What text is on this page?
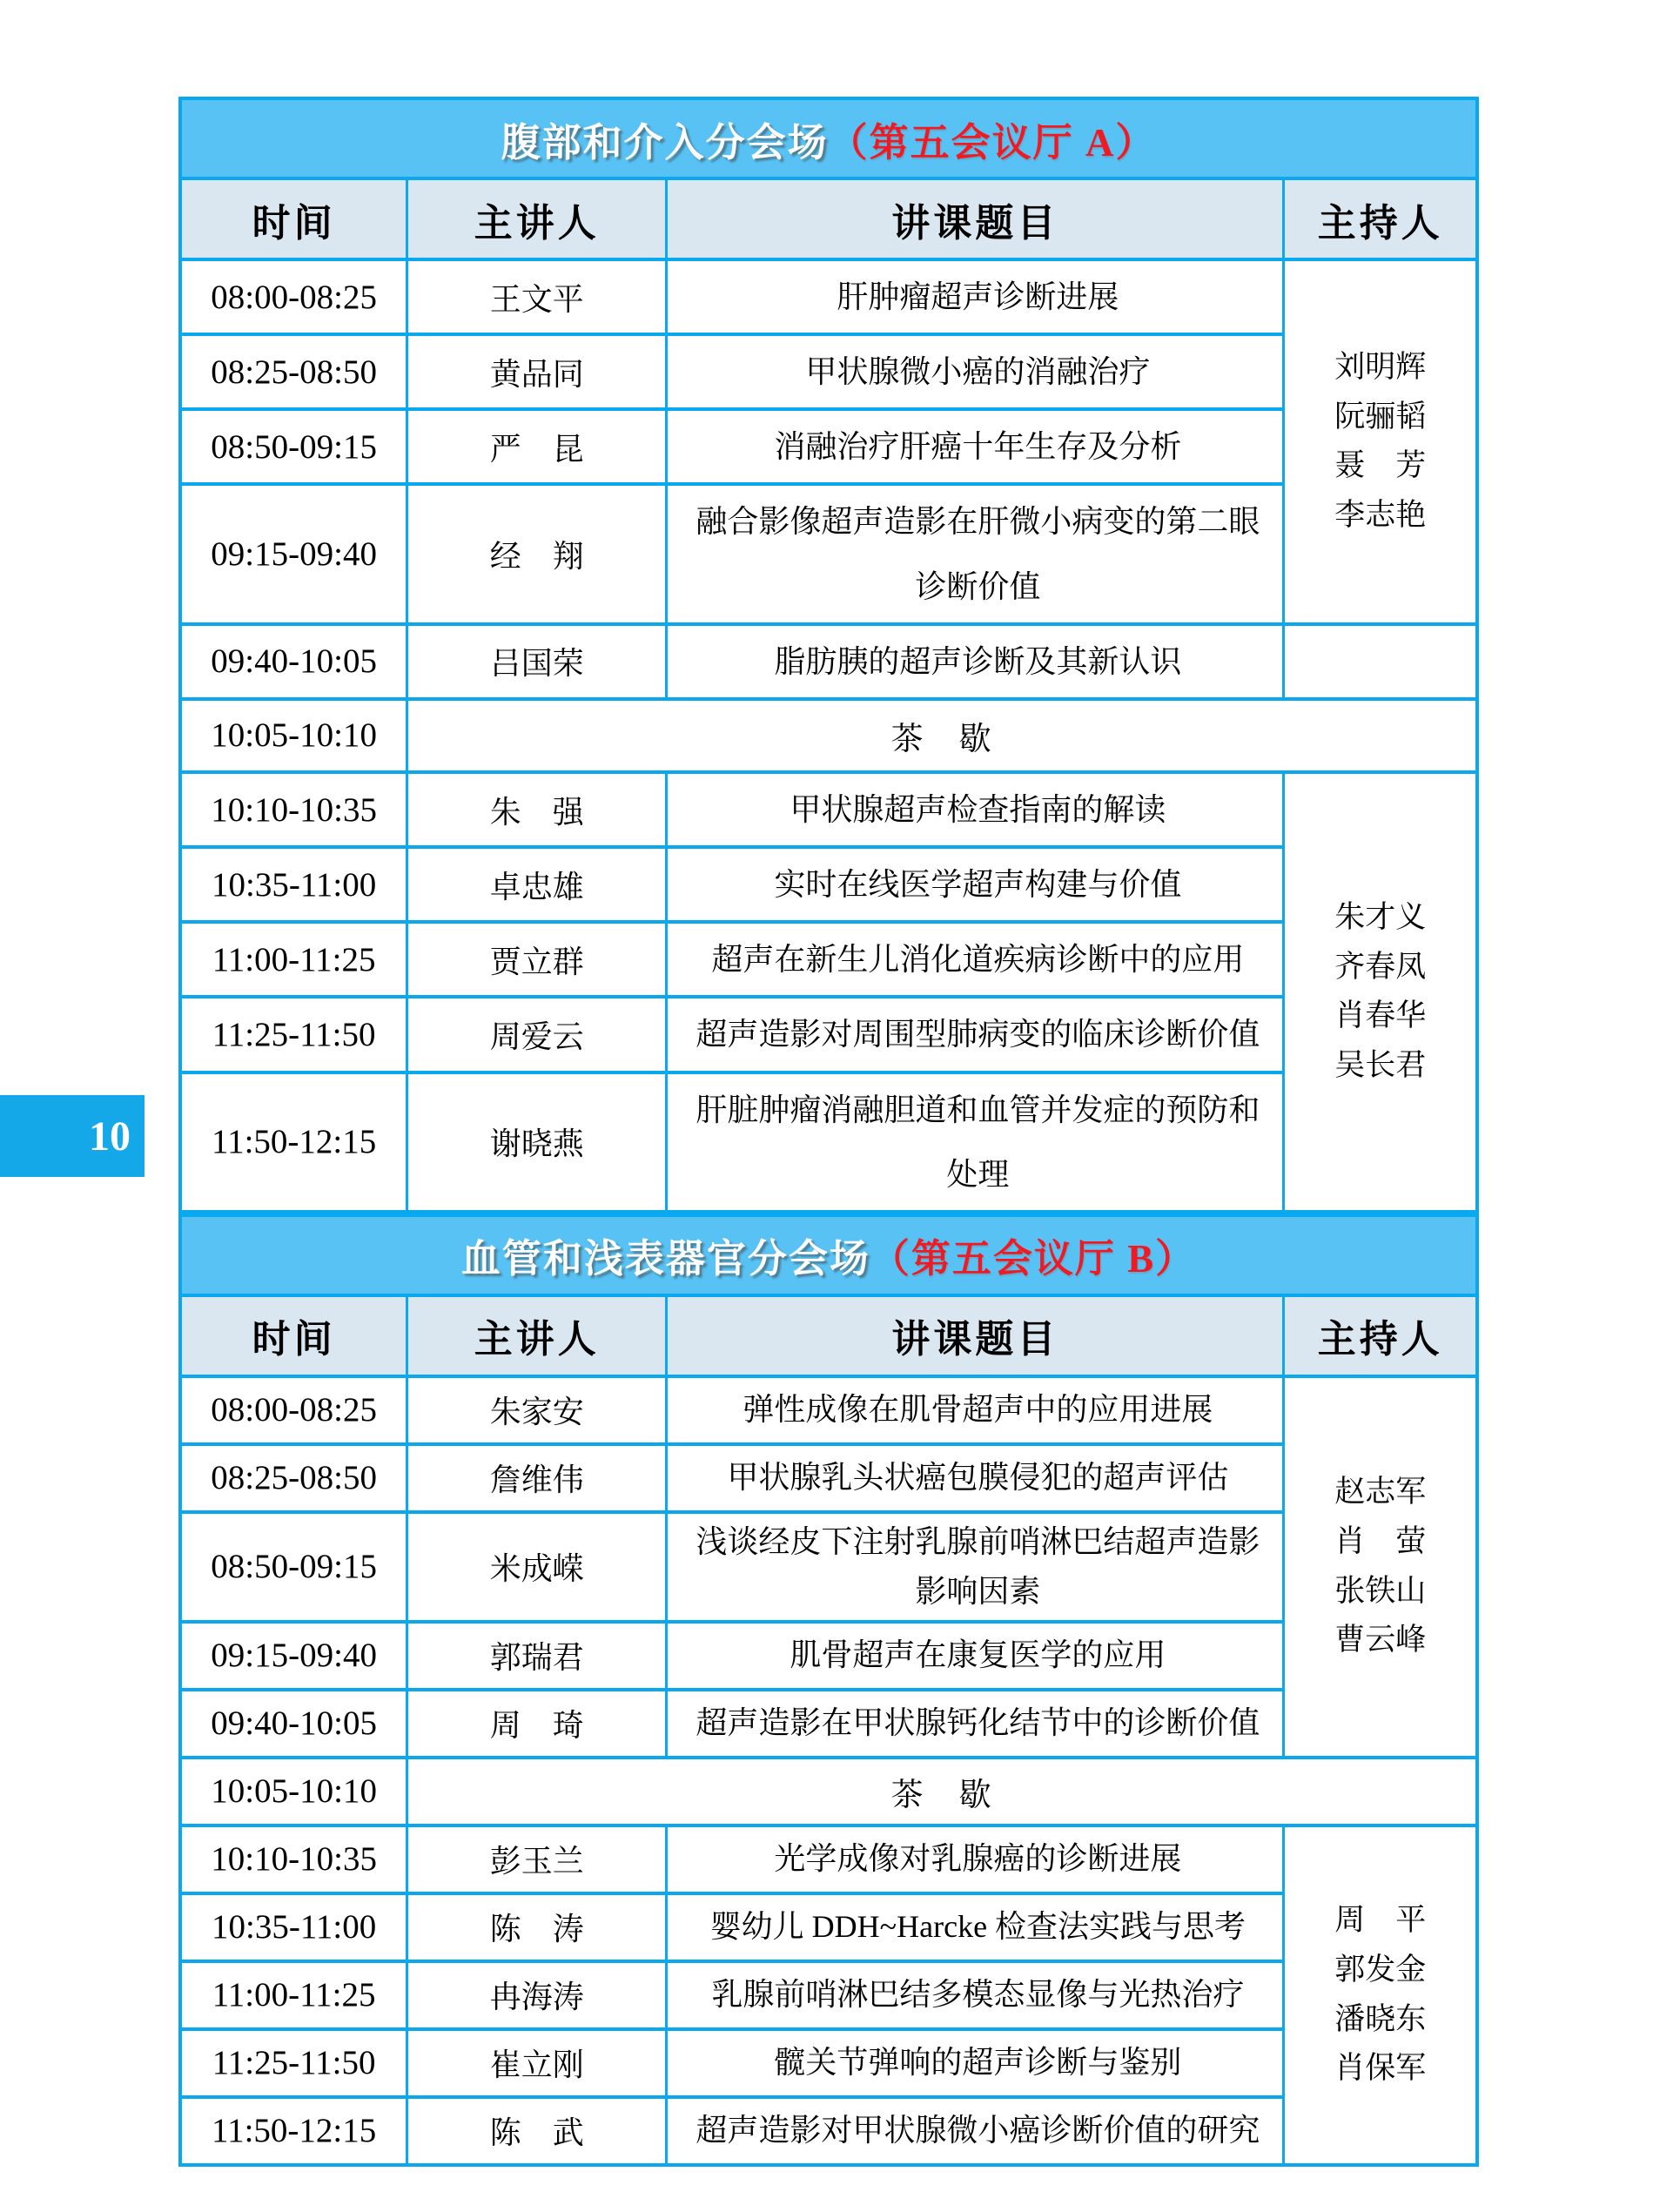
10
腹部和介入分会场（第五会议厅 A）			
时间	主讲人	讲课题目	主持人
08:00-08:25	王文平	肝肿瘤超声诊断进展	刘明辉
阮骊韬
聂　芳
李志艳

08:25-08:50	黄品同	甲状腺微小癌的消融治疗	
08:50-09:15	严　昆	消融治疗肝癌十年生存及分析	
09:15-09:40	经　翔	融合影像超声造影在肝微小病变的第二眼诊断价值	
09:40-10:05	吕国荣	脂肪胰的超声诊断及其新认识	
10:05-10:10	茶　歇		
10:10-10:35	朱　强	甲状腺超声检查指南的解读	朱才义
齐春凤
肖春华
吴长君

10:35-11:00	卓忠雄	实时在线医学超声构建与价值	
11:00-11:25	贾立群	超声在新生儿消化道疾病诊断中的应用	
11:25-11:50	周爱云	超声造影对周围型肺病变的临床诊断价值	
11:50-12:15	谢晓燕	肝脏肿瘤消融胆道和血管并发症的预防和处理	
血管和浅表器官分会场（第五会议厅 B）			
时间	主讲人	讲课题目	主持人
08:00-08:25	朱家安	弹性成像在肌骨超声中的应用进展	赵志军
肖　萤
张铁山
曹云峰

08:25-08:50	詹维伟	甲状腺乳头状癌包膜侵犯的超声评估	
08:50-09:15	米成嵘	浅谈经皮下注射乳腺前哨淋巴结超声造影影响因素	
09:15-09:40	郭瑞君	肌骨超声在康复医学的应用	
09:40-10:05	周　琦	超声造影在甲状腺钙化结节中的诊断价值	
10:05-10:10	茶　歇		
10:10-10:35	彭玉兰	光学成像对乳腺癌的诊断进展	周　平
郭发金
潘晓东
肖保军

10:35-11:00	陈　涛	婴幼儿 DDH~Harcke 检查法实践与思考	
11:00-11:25	冉海涛	乳腺前哨淋巴结多模态显像与光热治疗	
11:25-11:50	崔立刚	髋关节弹响的超声诊断与鉴别	
11:50-12:15	陈　武	超声造影对甲状腺微小癌诊断价值的研究	
